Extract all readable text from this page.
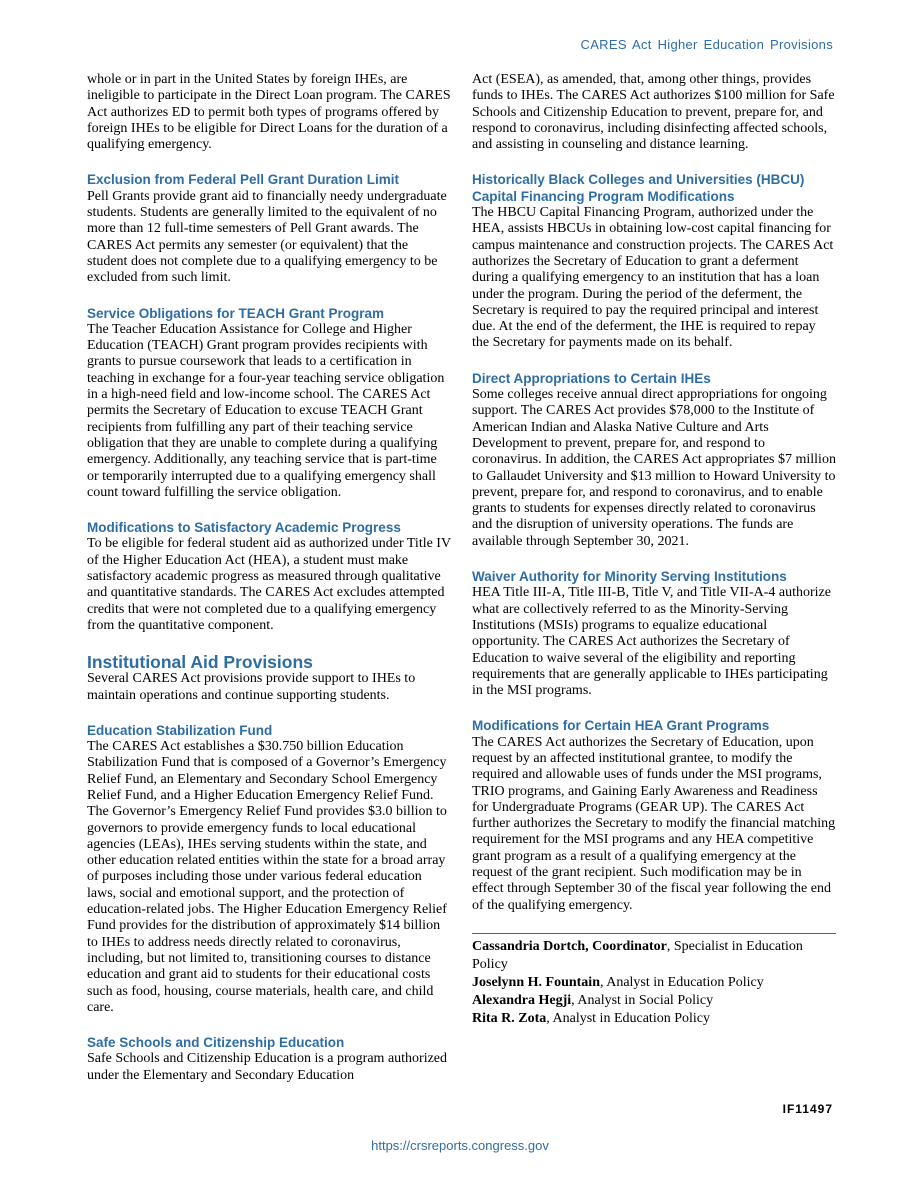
CARES Act Higher Education Provisions

whole or in part in the United States by foreign IHEs, are ineligible to participate in the Direct Loan program. The CARES Act authorizes ED to permit both types of programs offered by foreign IHEs to be eligible for Direct Loans for the duration of a qualifying emergency.

Exclusion from Federal Pell Grant Duration Limit

Pell Grants provide grant aid to financially needy undergraduate students. Students are generally limited to the equivalent of no more than 12 full-time semesters of Pell Grant awards. The CARES Act permits any semester (or equivalent) that the student does not complete due to a qualifying emergency to be excluded from such limit.

Service Obligations for TEACH Grant Program

The Teacher Education Assistance for College and Higher Education (TEACH) Grant program provides recipients with grants to pursue coursework that leads to a certification in teaching in exchange for a four-year teaching service obligation in a high-need field and low-income school. The CARES Act permits the Secretary of Education to excuse TEACH Grant recipients from fulfilling any part of their teaching service obligation that they are unable to complete during a qualifying emergency. Additionally, any teaching service that is part-time or temporarily interrupted due to a qualifying emergency shall count toward fulfilling the service obligation.

Modifications to Satisfactory Academic Progress

To be eligible for federal student aid as authorized under Title IV of the Higher Education Act (HEA), a student must make satisfactory academic progress as measured through qualitative and quantitative standards. The CARES Act excludes attempted credits that were not completed due to a qualifying emergency from the quantitative component.

Institutional Aid Provisions

Several CARES Act provisions provide support to IHEs to maintain operations and continue supporting students.

Education Stabilization Fund

The CARES Act establishes a $30.750 billion Education Stabilization Fund that is composed of a Governor’s Emergency Relief Fund, an Elementary and Secondary School Emergency Relief Fund, and a Higher Education Emergency Relief Fund. The Governor’s Emergency Relief Fund provides $3.0 billion to governors to provide emergency funds to local educational agencies (LEAs), IHEs serving students within the state, and other education related entities within the state for a broad array of purposes including those under various federal education laws, social and emotional support, and the protection of education-related jobs. The Higher Education Emergency Relief Fund provides for the distribution of approximately $14 billion to IHEs to address needs directly related to coronavirus, including, but not limited to, transitioning courses to distance education and grant aid to students for their educational costs such as food, housing, course materials, health care, and child care.

Safe Schools and Citizenship Education

Safe Schools and Citizenship Education is a program authorized under the Elementary and Secondary Education

Act (ESEA), as amended, that, among other things, provides funds to IHEs. The CARES Act authorizes $100 million for Safe Schools and Citizenship Education to prevent, prepare for, and respond to coronavirus, including disinfecting affected schools, and assisting in counseling and distance learning.

Historically Black Colleges and Universities (HBCU) Capital Financing Program Modifications

The HBCU Capital Financing Program, authorized under the HEA, assists HBCUs in obtaining low-cost capital financing for campus maintenance and construction projects. The CARES Act authorizes the Secretary of Education to grant a deferment during a qualifying emergency to an institution that has a loan under the program. During the period of the deferment, the Secretary is required to pay the required principal and interest due. At the end of the deferment, the IHE is required to repay the Secretary for payments made on its behalf.

Direct Appropriations to Certain IHEs

Some colleges receive annual direct appropriations for ongoing support. The CARES Act provides $78,000 to the Institute of American Indian and Alaska Native Culture and Arts Development to prevent, prepare for, and respond to coronavirus. In addition, the CARES Act appropriates $7 million to Gallaudet University and $13 million to Howard University to prevent, prepare for, and respond to coronavirus, and to enable grants to students for expenses directly related to coronavirus and the disruption of university operations. The funds are available through September 30, 2021.

Waiver Authority for Minority Serving Institutions

HEA Title III-A, Title III-B, Title V, and Title VII-A-4 authorize what are collectively referred to as the Minority-Serving Institutions (MSIs) programs to equalize educational opportunity. The CARES Act authorizes the Secretary of Education to waive several of the eligibility and reporting requirements that are generally applicable to IHEs participating in the MSI programs.

Modifications for Certain HEA Grant Programs

The CARES Act authorizes the Secretary of Education, upon request by an affected institutional grantee, to modify the required and allowable uses of funds under the MSI programs, TRIO programs, and Gaining Early Awareness and Readiness for Undergraduate Programs (GEAR UP). The CARES Act further authorizes the Secretary to modify the financial matching requirement for the MSI programs and any HEA competitive grant program as a result of a qualifying emergency at the request of the grant recipient. Such modification may be in effect through September 30 of the fiscal year following the end of the qualifying emergency.

Cassandria Dortch, Coordinator, Specialist in Education Policy

Joselynn H. Fountain, Analyst in Education Policy

Alexandra Hegji, Analyst in Social Policy

Rita R. Zota, Analyst in Education Policy

IF11497
https://crsreports.congress.gov
